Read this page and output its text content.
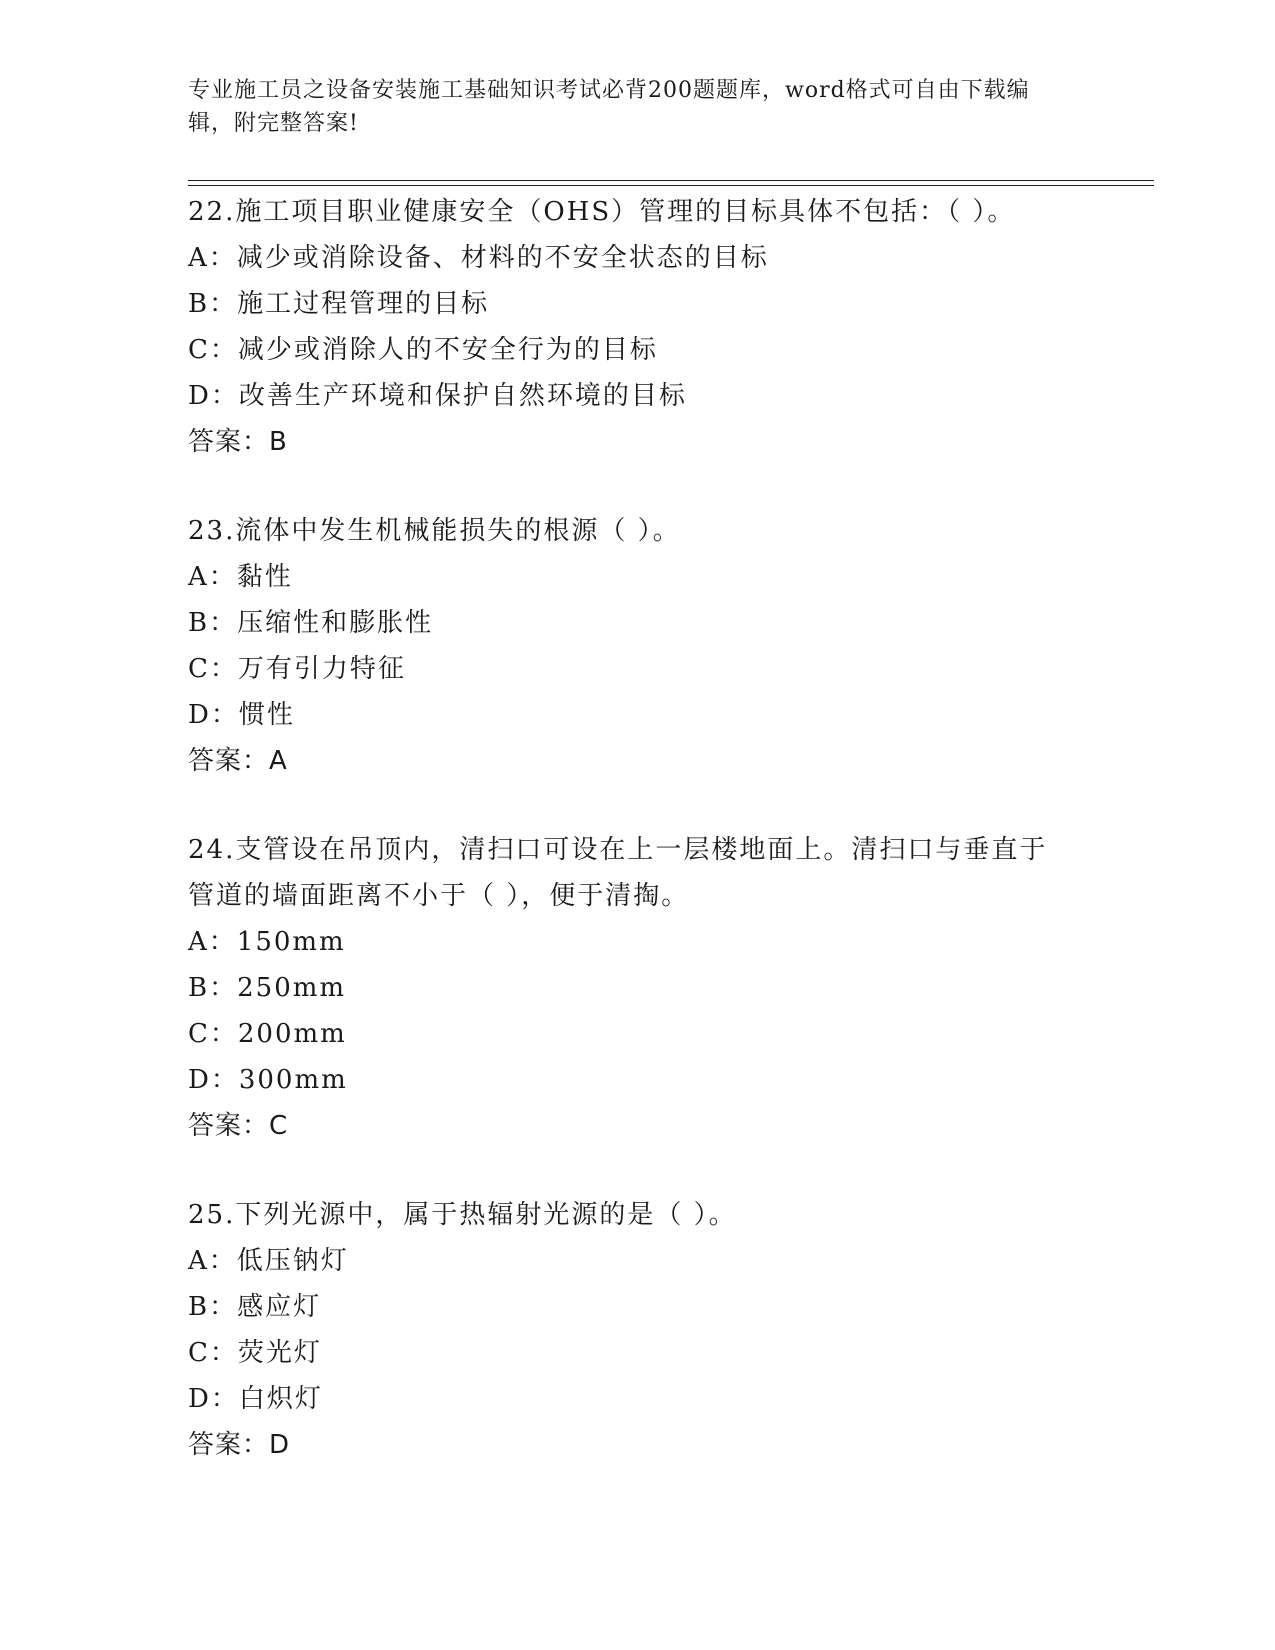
专业施工员之设备安装施工基础知识考试必背200题题库，word格式可自由下载编辑，附完整答案!
22.施工项目职业健康安全（OHS）管理的目标具体不包括：（ ）。
A：减少或消除设备、材料的不安全状态的目标
B：施工过程管理的目标
C：减少或消除人的不安全行为的目标
D：改善生产环境和保护自然环境的目标
答案：B
23.流体中发生机械能损失的根源（ ）。
A：黏性
B：压缩性和膨胀性
C：万有引力特征
D：惯性
答案：A
24.支管设在吊顶内，清扫口可设在上一层楼地面上。清扫口与垂直于
管道的墙面距离不小于（ ），便于清掏。
A：150mm
B：250mm
C：200mm
D：300mm
答案：C
25.下列光源中，属于热辐射光源的是（ ）。
A：低压钠灯
B：感应灯
C：荧光灯
D：白炽灯
答案：D
